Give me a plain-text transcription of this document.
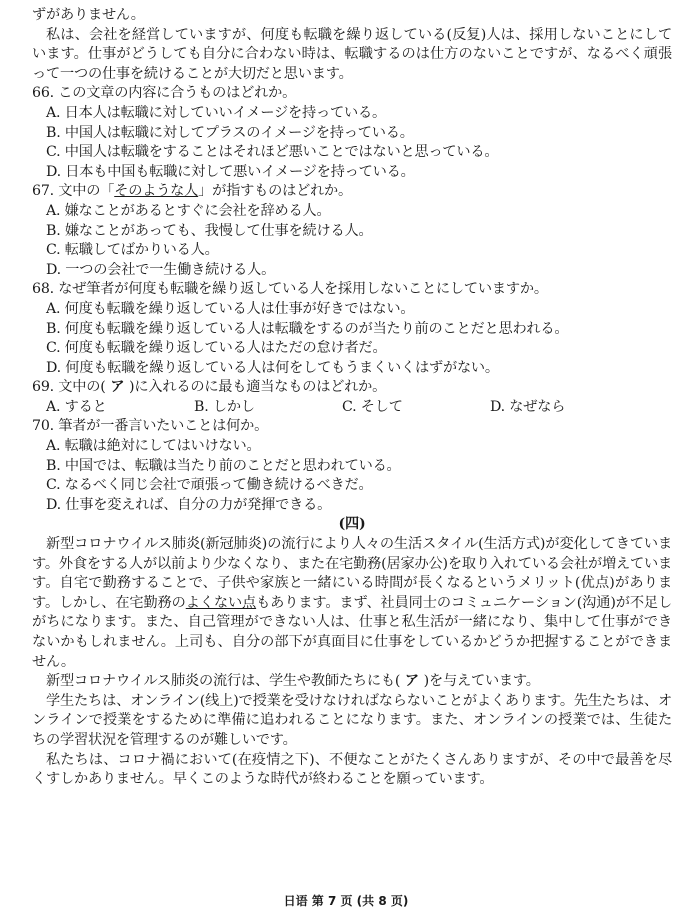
ずがありません。

私は、会社を経営していますが、何度も転職を繰り返している(反复)人は、採用しないことにしています。仕事がどうしても自分に合わない時は、転職するのは仕方のないことですが、なるべく頑張って一つの仕事を続けることが大切だと思います。

66. この文章の内容に合うものはどれか。

A. 日本人は転職に対していいイメージを持っている。

B. 中国人は転職に対してプラスのイメージを持っている。

C. 中国人は転職をすることはそれほど悪いことではないと思っている。

D. 日本も中国も転職に対して悪いイメージを持っている。

67. 文中の「そのような人」が指すものはどれか。

A. 嫌なことがあるとすぐに会社を辞める人。

B. 嫌なことがあっても、我慢して仕事を続ける人。

C. 転職してばかりいる人。

D. 一つの会社で一生働き続ける人。

68. なぜ筆者が何度も転職を繰り返している人を採用しないことにしていますか。

A. 何度も転職を繰り返している人は仕事が好きではない。

B. 何度も転職を繰り返している人は転職をするのが当たり前のことだと思われる。

C. 何度も転職を繰り返している人はただの怠け者だ。

D. 何度も転職を繰り返している人は何をしてもうまくいくはずがない。

69. 文中の( ア )に入れるのに最も適当なものはどれか。

A. すると	B. しかし	C. そして	D. なぜなら

70. 筆者が一番言いたいことは何か。

A. 転職は絶対にしてはいけない。

B. 中国では、転職は当たり前のことだと思われている。

C. なるべく同じ会社で頑張って働き続けるべきだ。

D. 仕事を変えれば、自分の力が発揮できる。

(四)

新型コロナウイルス肺炎(新冠肺炎)の流行により人々の生活スタイル(生活方式)が変化してきています。外食をする人が以前より少なくなり、また在宅勤務(居家办公)を取り入れている会社が増えています。自宅で勤務することで、子供や家族と一緒にいる時間が長くなるというメリット(优点)があります。しかし、在宅勤務のよくない点もあります。まず、社員同士のコミュニケーション(沟通)が不足しがちになります。また、自己管理ができない人は、仕事と私生活が一緒になり、集中して仕事ができないかもしれません。上司も、自分の部下が真面目に仕事をしているかどうか把握することができません。

新型コロナウイルス肺炎の流行は、学生や教師たちにも( ア )を与えています。

学生たちは、オンライン(线上)で授業を受けなければならないことがよくあります。先生たちは、オンラインで授業をするために準備に追われることになります。また、オンラインの授業では、生徒たちの学習状況を管理するのが難しいです。

私たちは、コロナ禍において(在疫情之下)、不便なことがたくさんありますが、その中で最善を尽くすしかありません。早くこのような時代が終わることを願っています。

日语 第 7 页 (共 8 页)
